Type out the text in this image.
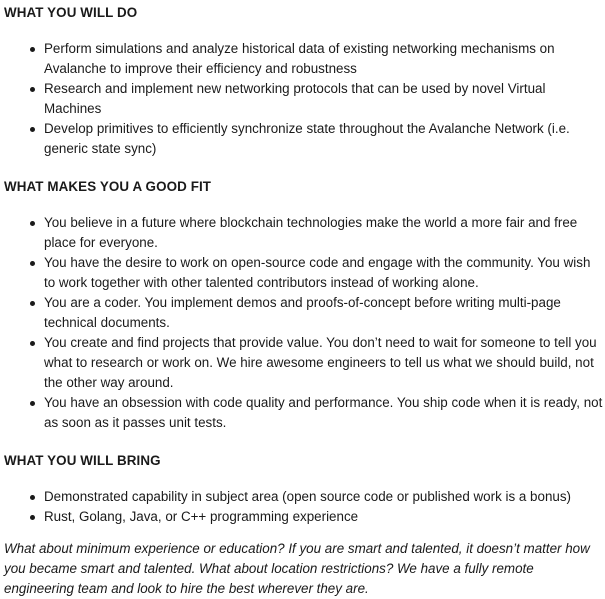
WHAT YOU WILL DO
Perform simulations and analyze historical data of existing networking mechanisms on Avalanche to improve their efficiency and robustness
Research and implement new networking protocols that can be used by novel Virtual Machines
Develop primitives to efficiently synchronize state throughout the Avalanche Network (i.e. generic state sync)
WHAT MAKES YOU A GOOD FIT
You believe in a future where blockchain technologies make the world a more fair and free place for everyone.
You have the desire to work on open-source code and engage with the community. You wish to work together with other talented contributors instead of working alone.
You are a coder. You implement demos and proofs-of-concept before writing multi-page technical documents.
You create and find projects that provide value. You don’t need to wait for someone to tell you what to research or work on. We hire awesome engineers to tell us what we should build, not the other way around.
You have an obsession with code quality and performance. You ship code when it is ready, not as soon as it passes unit tests.
WHAT YOU WILL BRING
Demonstrated capability in subject area (open source code or published work is a bonus)
Rust, Golang, Java, or C++ programming experience

What about minimum experience or education? If you are smart and talented, it doesn’t matter how you became smart and talented. What about location restrictions? We have a fully remote engineering team and look to hire the best wherever they are.
